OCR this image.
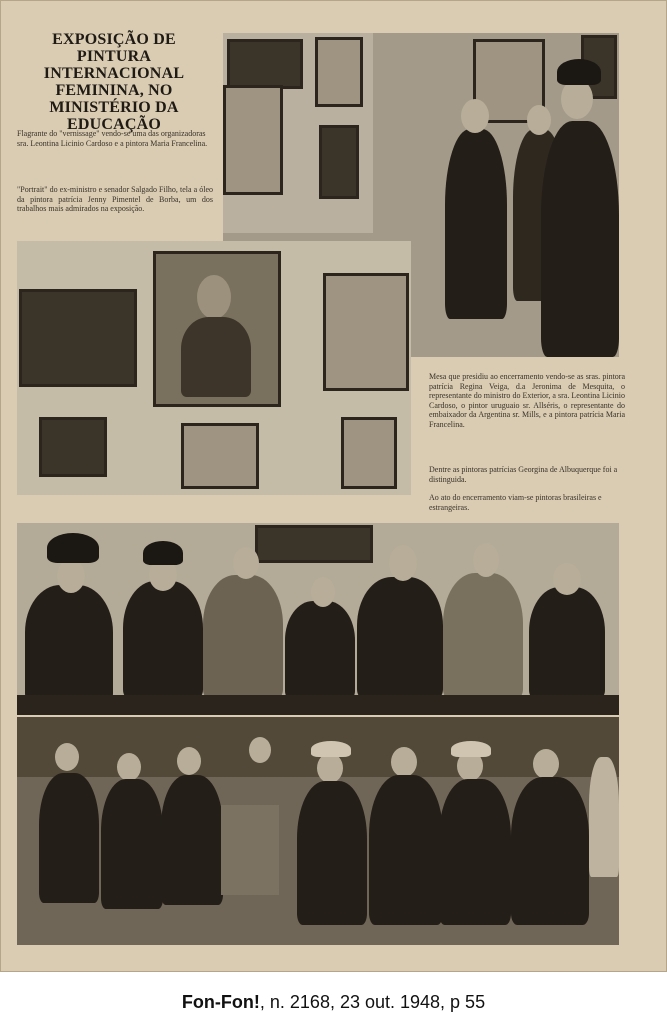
EXPOSIÇÃO DE PINTURA INTERNACIONAL FEMININA, NO MINISTÉRIO DA EDUCAÇÃO
Flagrante do "vernissage" vendo-se uma das organizadoras sra. Leontina Licinio Cardoso e a pintora Maria Francelina.
"Portrait" do ex-ministro e senador Salgado Filho, tela a óleo da pintora patrícia Jenny Pimentel de Borba, um dos trabalhos mais admirados na exposição.
Mesa que presidiu ao encerramento vendo-se as sras. pintora patrícia Regina Veiga, d.a Jeronima de Mesquita, o representante do ministro do Exterior, a sra. Leontina Licinio Cardoso, o pintor uruguaio sr. Allséris, o representante do embaixador da Argentina sr. Mills, e a pintora patrícia Maria Francelina.
Dentre as pintoras patrícias Georgina de Albuquerque foi a distinguida.
Ao ato do encerramento viam-se pintoras brasileiras e estrangeiras.
Fon-Fon!, n. 2168, 23 out. 1948, p 55
